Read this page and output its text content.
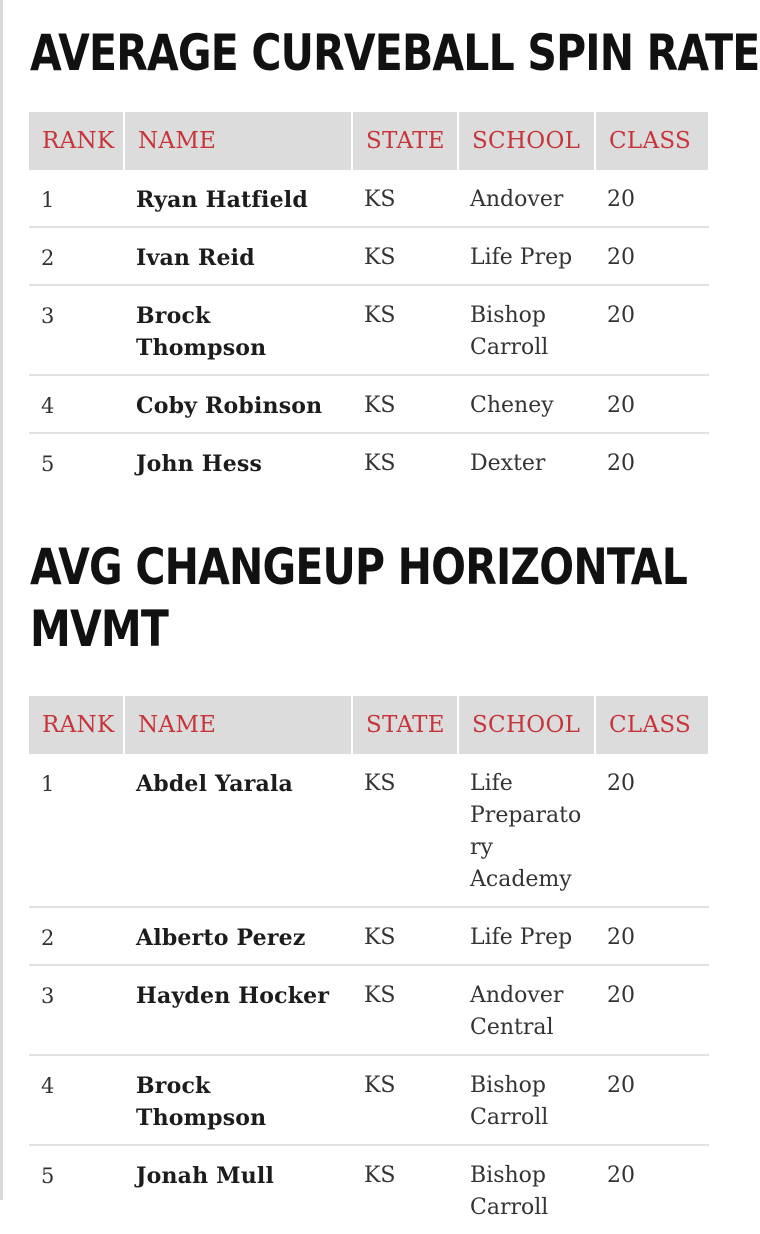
AVERAGE CURVEBALL SPIN RATE
RANK	NAME	STATE	SCHOOL	CLASS
1	Ryan Hatfield	KS	Andover	20
2	Ivan Reid	KS	Life Prep	20
3	Brock Thompson	KS	Bishop Carroll	20
4	Coby Robinson	KS	Cheney	20
5	John Hess	KS	Dexter	20
AVG CHANGEUP HORIZONTAL
MVMT
RANK	NAME	STATE	SCHOOL	CLASS
1	Abdel Yarala	KS	Life Preparatory Academy	20
2	Alberto Perez	KS	Life Prep	20
3	Hayden Hocker	KS	Andover Central	20
4	Brock Thompson	KS	Bishop Carroll	20
5	Jonah Mull	KS	Bishop Carroll	20
